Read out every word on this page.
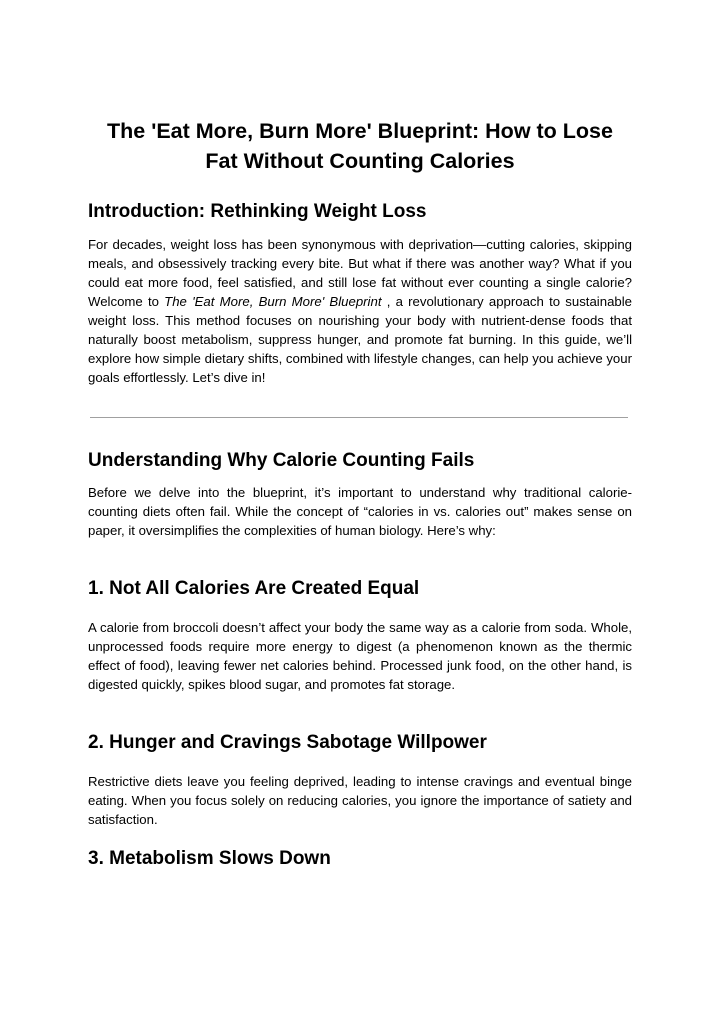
The 'Eat More, Burn More' Blueprint: How to Lose Fat Without Counting Calories
Introduction: Rethinking Weight Loss

For decades, weight loss has been synonymous with deprivation—cutting calories, skipping meals, and obsessively tracking every bite. But what if there was another way? What if you could eat more food, feel satisfied, and still lose fat without ever counting a single calorie? Welcome to The 'Eat More, Burn More' Blueprint , a revolutionary approach to sustainable weight loss. This method focuses on nourishing your body with nutrient-dense foods that naturally boost metabolism, suppress hunger, and promote fat burning. In this guide, we’ll explore how simple dietary shifts, combined with lifestyle changes, can help you achieve your goals effortlessly. Let’s dive in!

Understanding Why Calorie Counting Fails

Before we delve into the blueprint, it’s important to understand why traditional calorie-counting diets often fail. While the concept of “calories in vs. calories out” makes sense on paper, it oversimplifies the complexities of human biology. Here’s why:

1. Not All Calories Are Created Equal

A calorie from broccoli doesn’t affect your body the same way as a calorie from soda. Whole, unprocessed foods require more energy to digest (a phenomenon known as the thermic effect of food), leaving fewer net calories behind. Processed junk food, on the other hand, is digested quickly, spikes blood sugar, and promotes fat storage.

2. Hunger and Cravings Sabotage Willpower

Restrictive diets leave you feeling deprived, leading to intense cravings and eventual binge eating. When you focus solely on reducing calories, you ignore the importance of satiety and satisfaction.

3. Metabolism Slows Down
